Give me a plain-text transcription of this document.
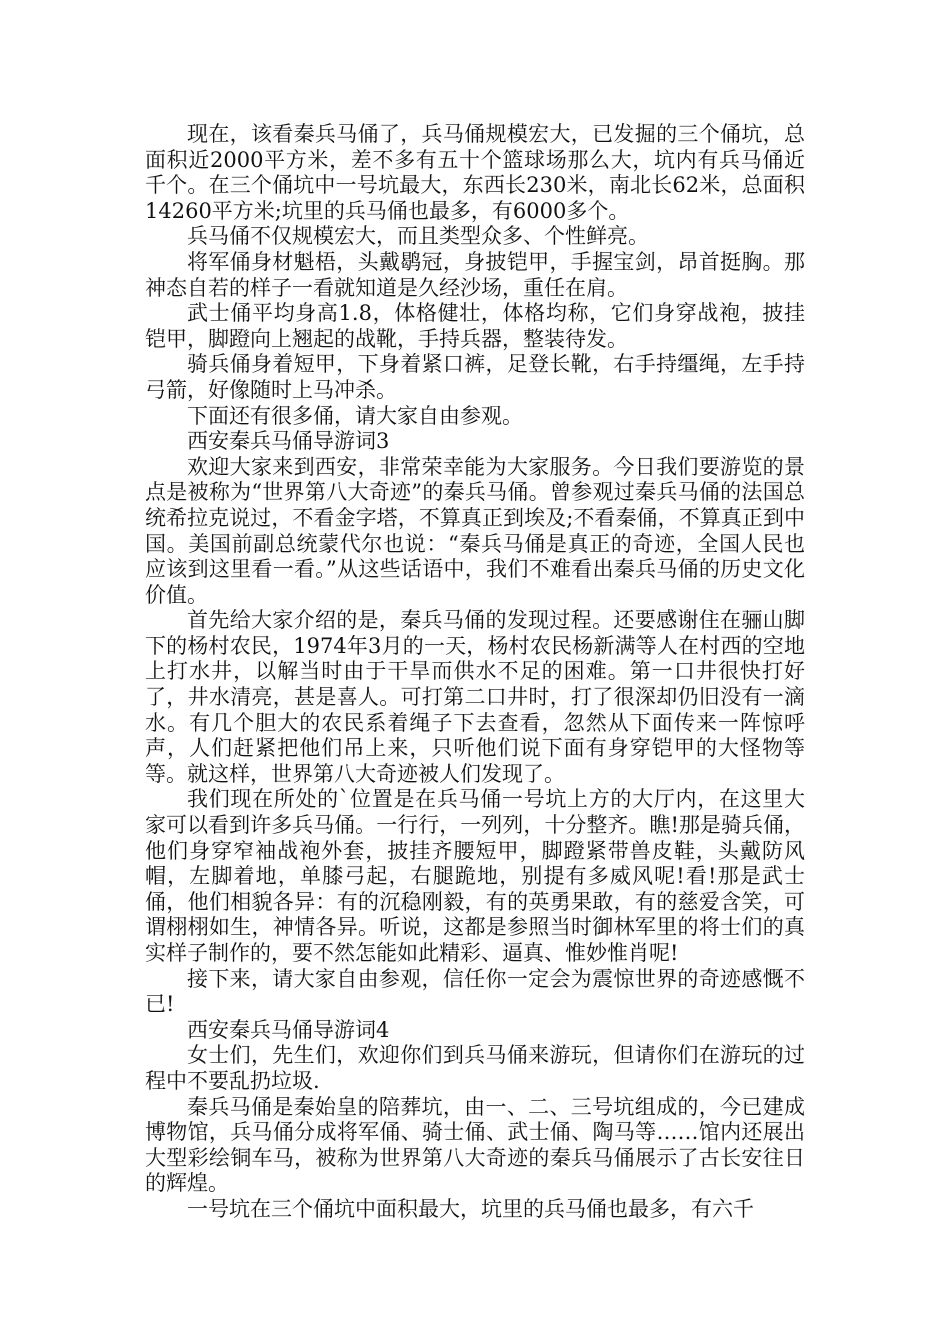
现在，该看秦兵马俑了，兵马俑规模宏大，已发掘的三个俑坑，总面积近2000平方米，差不多有五十个篮球场那么大，坑内有兵马俑近千个。在三个俑坑中一号坑最大，东西长230米，南北长62米，总面积14260平方米;坑里的兵马俑也最多，有6000多个。

兵马俑不仅规模宏大，而且类型众多、个性鲜亮。

将军俑身材魁梧，头戴鹖冠，身披铠甲，手握宝剑，昂首挺胸。那神态自若的样子一看就知道是久经沙场，重任在肩。

武士俑平均身高1.8，体格健壮，体格均称，它们身穿战袍，披挂铠甲，脚蹬向上翘起的战靴，手持兵器，整装待发。

骑兵俑身着短甲，下身着紧口裤，足登长靴，右手持缰绳，左手持弓箭，好像随时上马冲杀。

下面还有很多俑，请大家自由参观。

西安秦兵马俑导游词3

欢迎大家来到西安，非常荣幸能为大家服务。今日我们要游览的景点是被称为“世界第八大奇迹”的秦兵马俑。曾参观过秦兵马俑的法国总统希拉克说过，不看金字塔，不算真正到埃及;不看秦俑，不算真正到中国。美国前副总统蒙代尔也说：“秦兵马俑是真正的奇迹，全国人民也应该到这里看一看。”从这些话语中，我们不难看出秦兵马俑的历史文化价值。

首先给大家介绍的是，秦兵马俑的发现过程。还要感谢住在骊山脚下的杨村农民，1974年3月的一天，杨村农民杨新满等人在村西的空地上打水井，以解当时由于干旱而供水不足的困难。第一口井很快打好了，井水清亮，甚是喜人。可打第二口井时，打了很深却仍旧没有一滴水。有几个胆大的农民系着绳子下去查看，忽然从下面传来一阵惊呼声，人们赶紧把他们吊上来，只听他们说下面有身穿铠甲的大怪物等等。就这样，世界第八大奇迹被人们发现了。

我们现在所处的`位置是在兵马俑一号坑上方的大厅内，在这里大家可以看到许多兵马俑。一行行，一列列，十分整齐。瞧!那是骑兵俑，他们身穿窄袖战袍外套，披挂齐腰短甲，脚蹬紧带兽皮鞋，头戴防风帽，左脚着地，单膝弓起，右腿跪地，别提有多威风呢!看!那是武士俑，他们相貌各异：有的沉稳刚毅，有的英勇果敢，有的慈爱含笑，可谓栩栩如生，神情各异。听说，这都是参照当时御林军里的将士们的真实样子制作的，要不然怎能如此精彩、逼真、惟妙惟肖呢!

接下来，请大家自由参观，信任你一定会为震惊世界的奇迹感慨不已!

西安秦兵马俑导游词4

女士们，先生们，欢迎你们到兵马俑来游玩，但请你们在游玩的过程中不要乱扔垃圾.

秦兵马俑是秦始皇的陪葬坑，由一、二、三号坑组成的，今已建成博物馆，兵马俑分成将军俑、骑士俑、武士俑、陶马等……馆内还展出大型彩绘铜车马，被称为世界第八大奇迹的秦兵马俑展示了古长安往日的辉煌。

一号坑在三个俑坑中面积最大，坑里的兵马俑也最多，有六千
